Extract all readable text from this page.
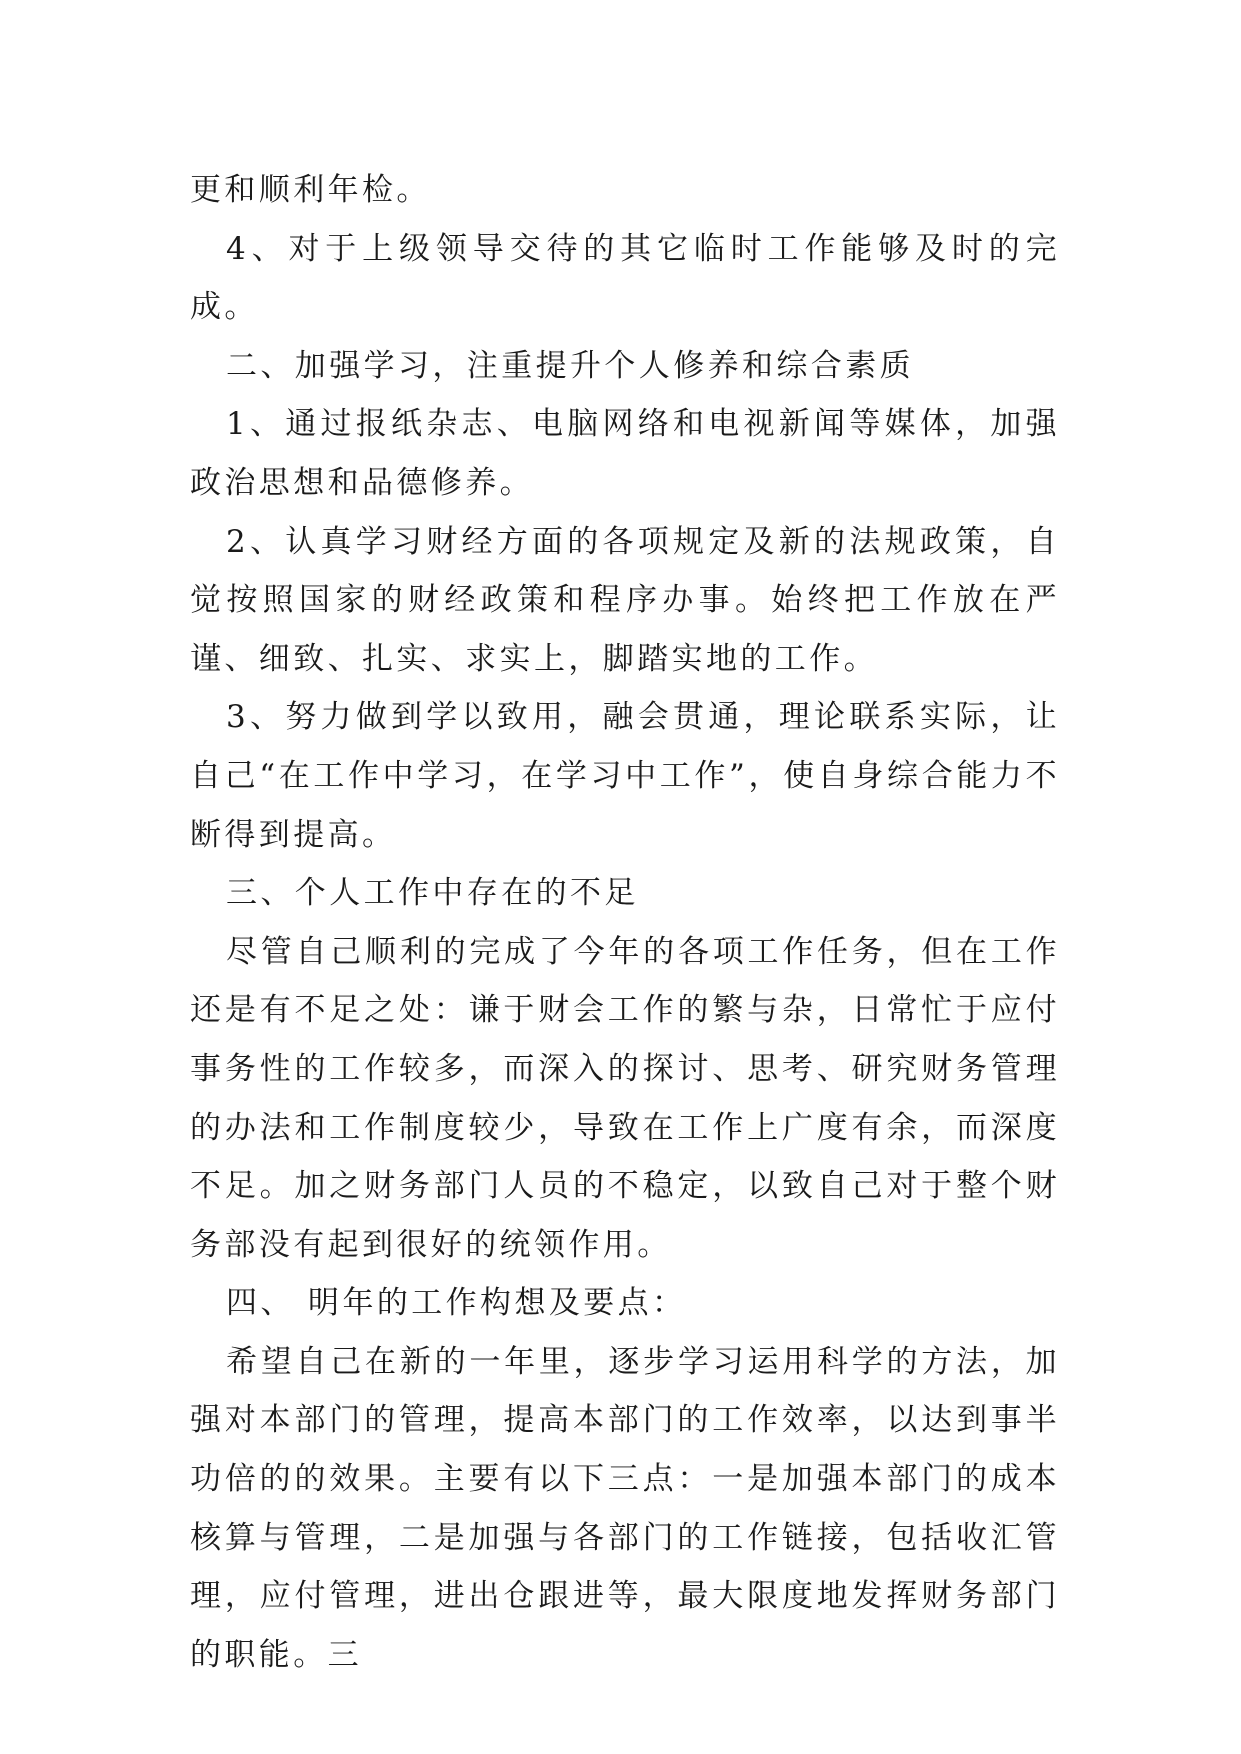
更和顺利年检。

4、对于上级领导交待的其它临时工作能够及时的完成。

二、加强学习，注重提升个人修养和综合素质

1、通过报纸杂志、电脑网络和电视新闻等媒体，加强政治思想和品德修养。

2、认真学习财经方面的各项规定及新的法规政策，自觉按照国家的财经政策和程序办事。始终把工作放在严谨、细致、扎实、求实上，脚踏实地的工作。

3、努力做到学以致用，融会贯通，理论联系实际，让自己“在工作中学习，在学习中工作”，使自身综合能力不断得到提高。

三、个人工作中存在的不足

尽管自己顺利的完成了今年的各项工作任务，但在工作还是有不足之处：谦于财会工作的繁与杂，日常忙于应付事务性的工作较多，而深入的探讨、思考、研究财务管理的办法和工作制度较少，导致在工作上广度有余，而深度不足。加之财务部门人员的不稳定，以致自己对于整个财务部没有起到很好的统领作用。

四、 明年的工作构想及要点：

希望自己在新的一年里，逐步学习运用科学的方法，加强对本部门的管理，提高本部门的工作效率，以达到事半功倍的的效果。主要有以下三点：一是加强本部门的成本核算与管理，二是加强与各部门的工作链接，包括收汇管理，应付管理，进出仓跟进等，最大限度地发挥财务部门的职能。三
